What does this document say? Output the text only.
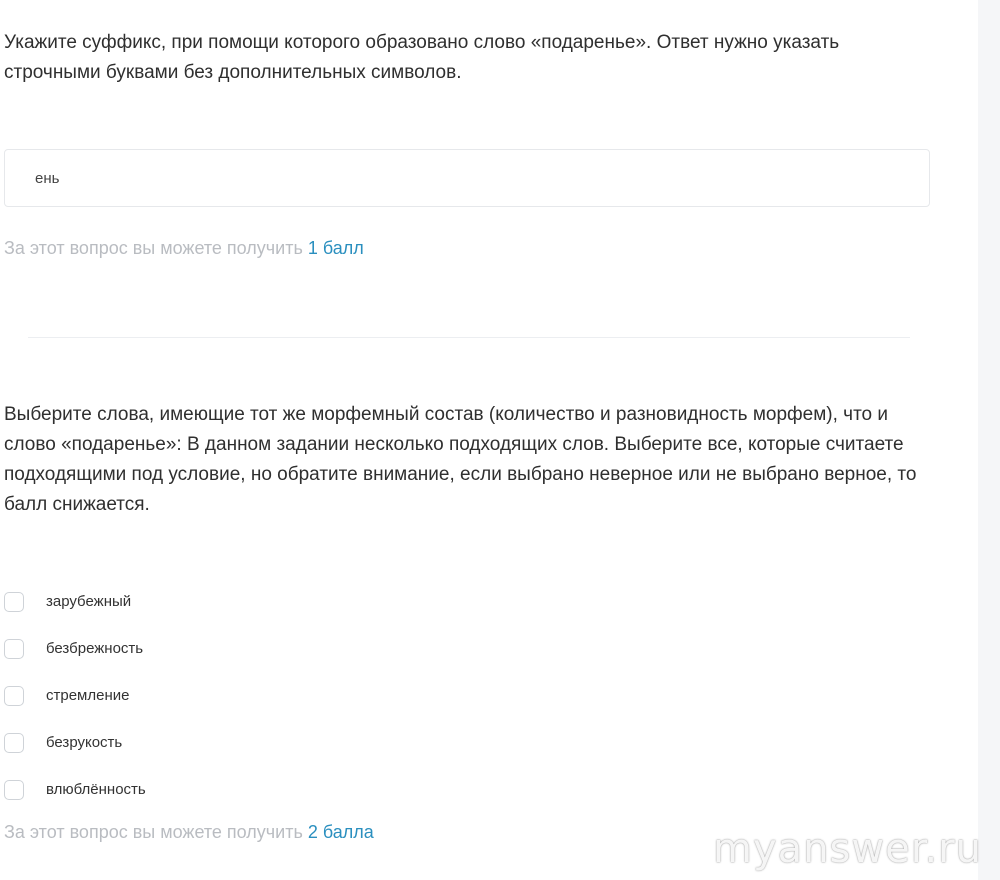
Укажите суффикс, при помощи которого образовано слово «подаренье». Ответ нужно указать строчными буквами без дополнительных символов.

ень
За этот вопрос вы можете получить 1 балл

Выберите слова, имеющие тот же морфемный состав (количество и разновидность морфем), что и слово «подаренье»: В данном задании несколько подходящих слов. Выберите все, которые считаете подходящими под условие, но обратите внимание, если выбрано неверное или не выбрано верное, то балл снижается.

зарубежный
безбрежность
стремление
безрукость
влюблённость
За этот вопрос вы можете получить 2 балла	myanswer.ru
